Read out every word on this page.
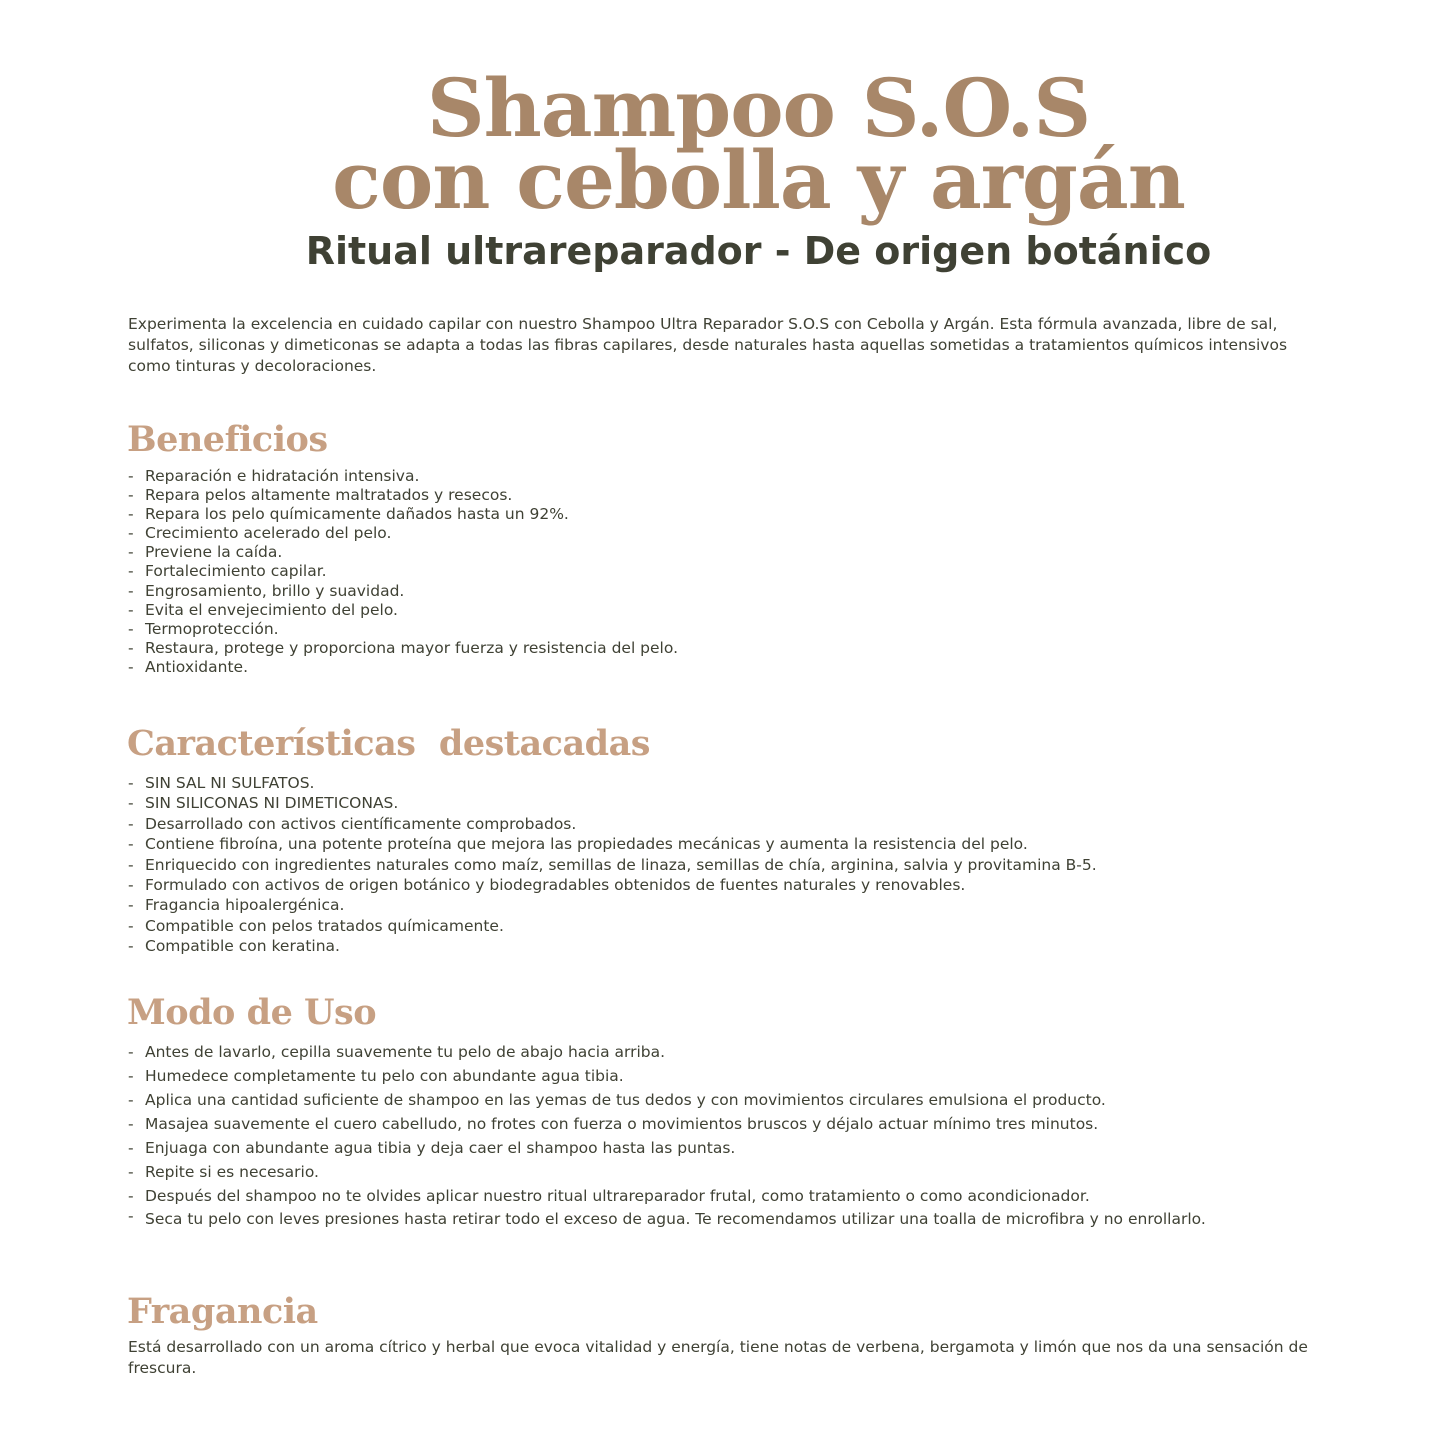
Shampoo S.O.S
con cebolla y argán
Ritual ultrareparador - De origen botánico

Experimenta la excelencia en cuidado capilar con nuestro Shampoo Ultra Reparador S.O.S con Cebolla y Argán. Esta fórmula avanzada, libre de sal, sulfatos, siliconas y dimeticonas se adapta a todas las fibras capilares, desde naturales hasta aquellas sometidas a tratamientos químicos intensivos como tinturas y decoloraciones.

Beneficios
- Reparación e hidratación intensiva.
- Repara pelos altamente maltratados y resecos.
- Repara los pelo químicamente dañados hasta un 92%.
- Crecimiento acelerado del pelo.
- Previene la caída.
- Fortalecimiento capilar.
- Engrosamiento, brillo y suavidad.
- Evita el envejecimiento del pelo.
- Termoprotección.
- Restaura, protege y proporciona mayor fuerza y resistencia del pelo.
- Antioxidante.
Características  destacadas
- SIN SAL NI SULFATOS.
- SIN SILICONAS NI DIMETICONAS.
- Desarrollado con activos científicamente comprobados.
- Contiene fibroína, una potente proteína que mejora las propiedades mecánicas y aumenta la resistencia del pelo.
- Enriquecido con ingredientes naturales como maíz, semillas de linaza, semillas de chía, arginina, salvia y provitamina B-5.
- Formulado con activos de origen botánico y biodegradables obtenidos de fuentes naturales y renovables.
- Fragancia hipoalergénica.
- Compatible con pelos tratados químicamente.
- Compatible con keratina.
Modo de Uso
- Antes de lavarlo, cepilla suavemente tu pelo de abajo hacia arriba.
- Humedece completamente tu pelo con abundante agua tibia.
- Aplica una cantidad suficiente de shampoo en las yemas de tus dedos y con movimientos circulares emulsiona el producto.
- Masajea suavemente el cuero cabelludo, no frotes con fuerza o movimientos bruscos y déjalo actuar mínimo tres minutos.
- Enjuaga con abundante agua tibia y deja caer el shampoo hasta las puntas.
- Repite si es necesario.
- Después del shampoo no te olvides aplicar nuestro ritual ultrareparador frutal, como tratamiento o como acondicionador.
- Seca tu pelo con leves presiones hasta retirar todo el exceso de agua. Te recomendamos utilizar una toalla de microfibra y no enrollarlo.
Fragancia

Está desarrollado con un aroma cítrico y herbal que evoca vitalidad y energía, tiene notas de verbena, bergamota y limón que nos da una sensación de frescura.
